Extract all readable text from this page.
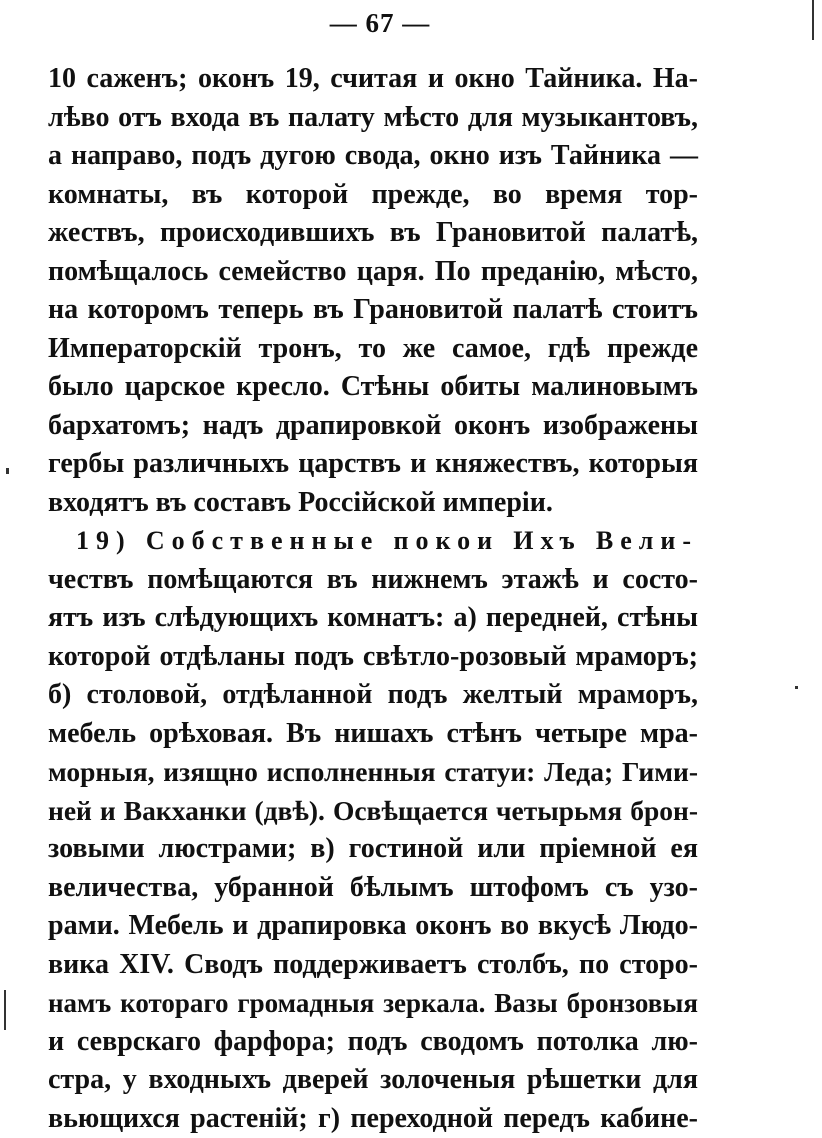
— 67 —
10 саженъ; оконъ 19, считая и окно Тайника. На-
лѣво отъ входа въ палату мѣсто для музыкантовъ,
а направо, подъ дугою свода, окно изъ Тайника —
комнаты, въ которой прежде, во время тор-
жествъ, происходившихъ въ Грановитой палатѣ,
помѣщалось семейство царя. По преданію, мѣсто,
на которомъ теперь въ Грановитой палатѣ стоитъ
Императорскій тронъ, то же самое, гдѣ прежде
было царское кресло. Стѣны обиты малиновымъ
бархатомъ; надъ драпировкой оконъ изображены
гербы различныхъ царствъ и княжествъ, которыя
входятъ въ составъ Россійской имперіи.
19) Собственные покои Ихъ Вели-
чествъ помѣщаются въ нижнемъ этажѣ и состо-
ятъ изъ слѣдующихъ комнатъ: а) передней, стѣны
которой отдѣланы подъ свѣтло-розовый мраморъ;
б) столовой, отдѣланной подъ желтый мраморъ,
мебель орѣховая. Въ нишахъ стѣнъ четыре мра-
морныя, изящно исполненныя статуи: Леда; Гими-
ней и Вакханки (двѣ). Освѣщается четырьмя брон-
зовыми люстрами; в) гостиной или пріемной ея
величества, убранной бѣлымъ штофомъ съ узо-
рами. Мебель и драпировка оконъ во вкусѣ Людо-
вика XIV. Сводъ поддерживаетъ столбъ, по сторо-
намъ котораго громадныя зеркала. Вазы бронзовыя
и севрскаго фарфора; подъ сводомъ потолка лю-
стра, у входныхъ дверей золоченыя рѣшетки для
вьющихся растеній; г) переходной передъ кабине-
